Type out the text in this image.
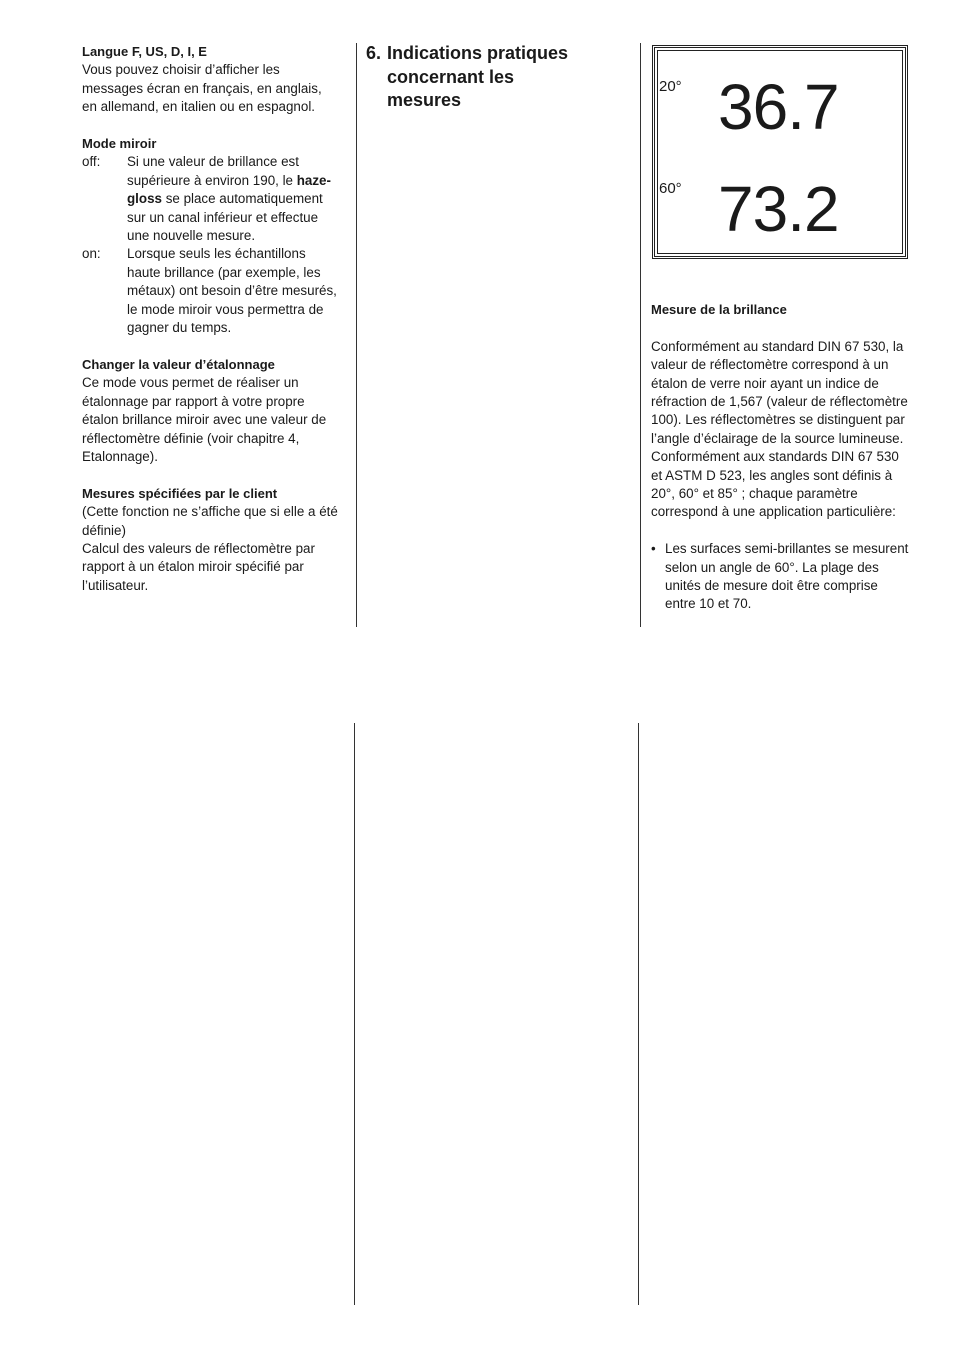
Langue F, US, D, I, E

Vous pouvez choisir d’afficher les messages écran en français, en anglais, en allemand, en italien ou en espagnol.

Mode miroir
off:	Si une valeur de brillance est supérieure à environ 190, le haze-gloss se place automatiquement sur un canal inférieur et effectue une nouvelle mesure.
on:	Lorsque seuls les échantillons haute brillance (par exemple, les métaux) ont besoin d’être mesurés, le mode miroir vous permettra de gagner du temps.
Changer la valeur d’étalonnage

Ce mode vous permet de réaliser un étalonnage par rapport à votre propre étalon brillance miroir avec une valeur de réflectomètre définie (voir chapitre 4, Etalonnage).

Mesures spécifiées par le client

(Cette fonction ne s’affiche que si elle a été définie)

Calcul des valeurs de réflectomètre par rapport à un étalon miroir spécifié par l’utilisateur.

6. Indications pratiques
concernant les
mesures
20° 36.7
60° 73.2
Mesure de la brillance

Conformément au standard DIN 67 530, la valeur de réflectomètre correspond à un étalon de verre noir ayant un indice de réfraction de 1,567 (valeur de réflectomètre 100). Les réflectomètres se distinguent par l’angle d’éclairage de la source lumineuse. Conformément aux standards DIN 67 530 et ASTM D 523, les angles sont définis à 20°, 60° et 85° ; chaque paramètre correspond à une application particulière:

• Les surfaces semi-brillantes se mesurent selon un angle de 60°. La plage des unités de mesure doit être comprise entre 10 et 70.
